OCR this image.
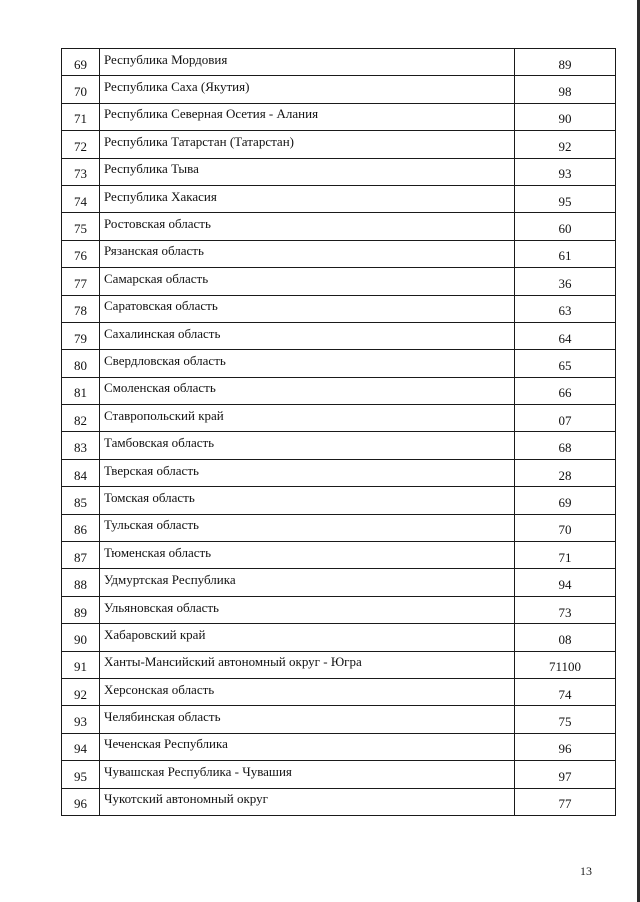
69	Республика Мордовия	89
70	Республика Саха (Якутия)	98
71	Республика Северная Осетия - Алания	90
72	Республика Татарстан (Татарстан)	92
73	Республика Тыва	93
74	Республика Хакасия	95
75	Ростовская область	60
76	Рязанская область	61
77	Самарская область	36
78	Саратовская область	63
79	Сахалинская область	64
80	Свердловская область	65
81	Смоленская область	66
82	Ставропольский край	07
83	Тамбовская область	68
84	Тверская область	28
85	Томская область	69
86	Тульская область	70
87	Тюменская область	71
88	Удмуртская Республика	94
89	Ульяновская область	73
90	Хабаровский край	08
91	Ханты-Мансийский автономный округ - Югра	71100
92	Херсонская область	74
93	Челябинская область	75
94	Чеченская Республика	96
95	Чувашская Республика - Чувашия	97
96	Чукотский автономный округ	77
13
